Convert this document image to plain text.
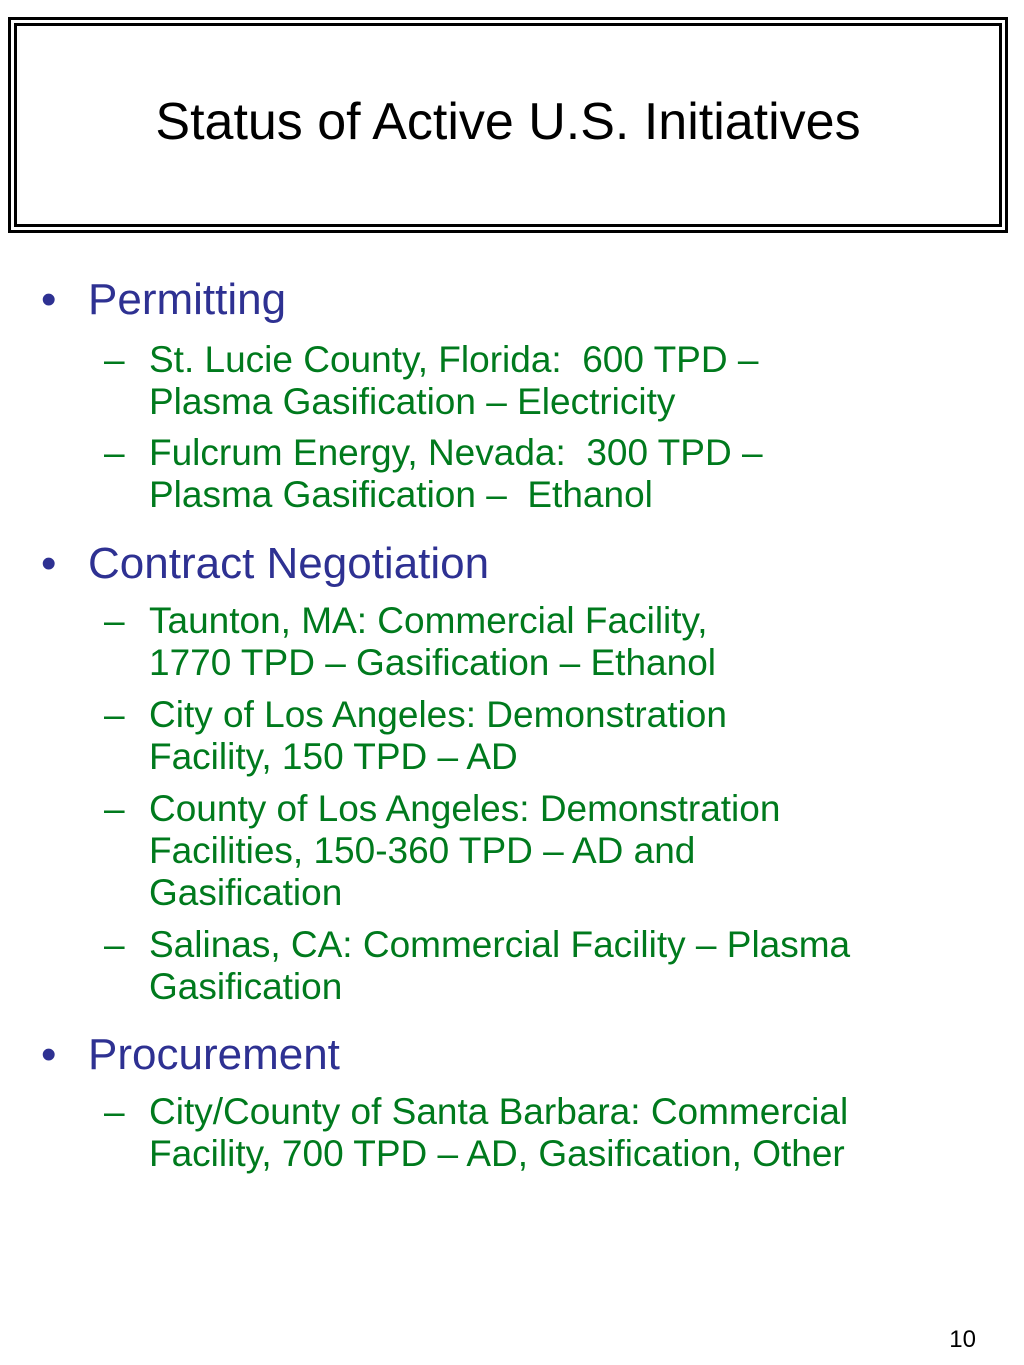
Status of Active U.S. Initiatives
• Permitting
– St. Lucie County, Florida:  600 TPD –
Plasma Gasification – Electricity
– Fulcrum Energy, Nevada:  300 TPD –
Plasma Gasification –  Ethanol
• Contract Negotiation
– Taunton, MA: Commercial Facility,
1770 TPD – Gasification – Ethanol
– City of Los Angeles: Demonstration
Facility, 150 TPD – AD
– County of Los Angeles: Demonstration
Facilities, 150-360 TPD – AD and
Gasification
– Salinas, CA: Commercial Facility – Plasma
Gasification
• Procurement
– City/County of Santa Barbara: Commercial
Facility, 700 TPD – AD, Gasification, Other
10
